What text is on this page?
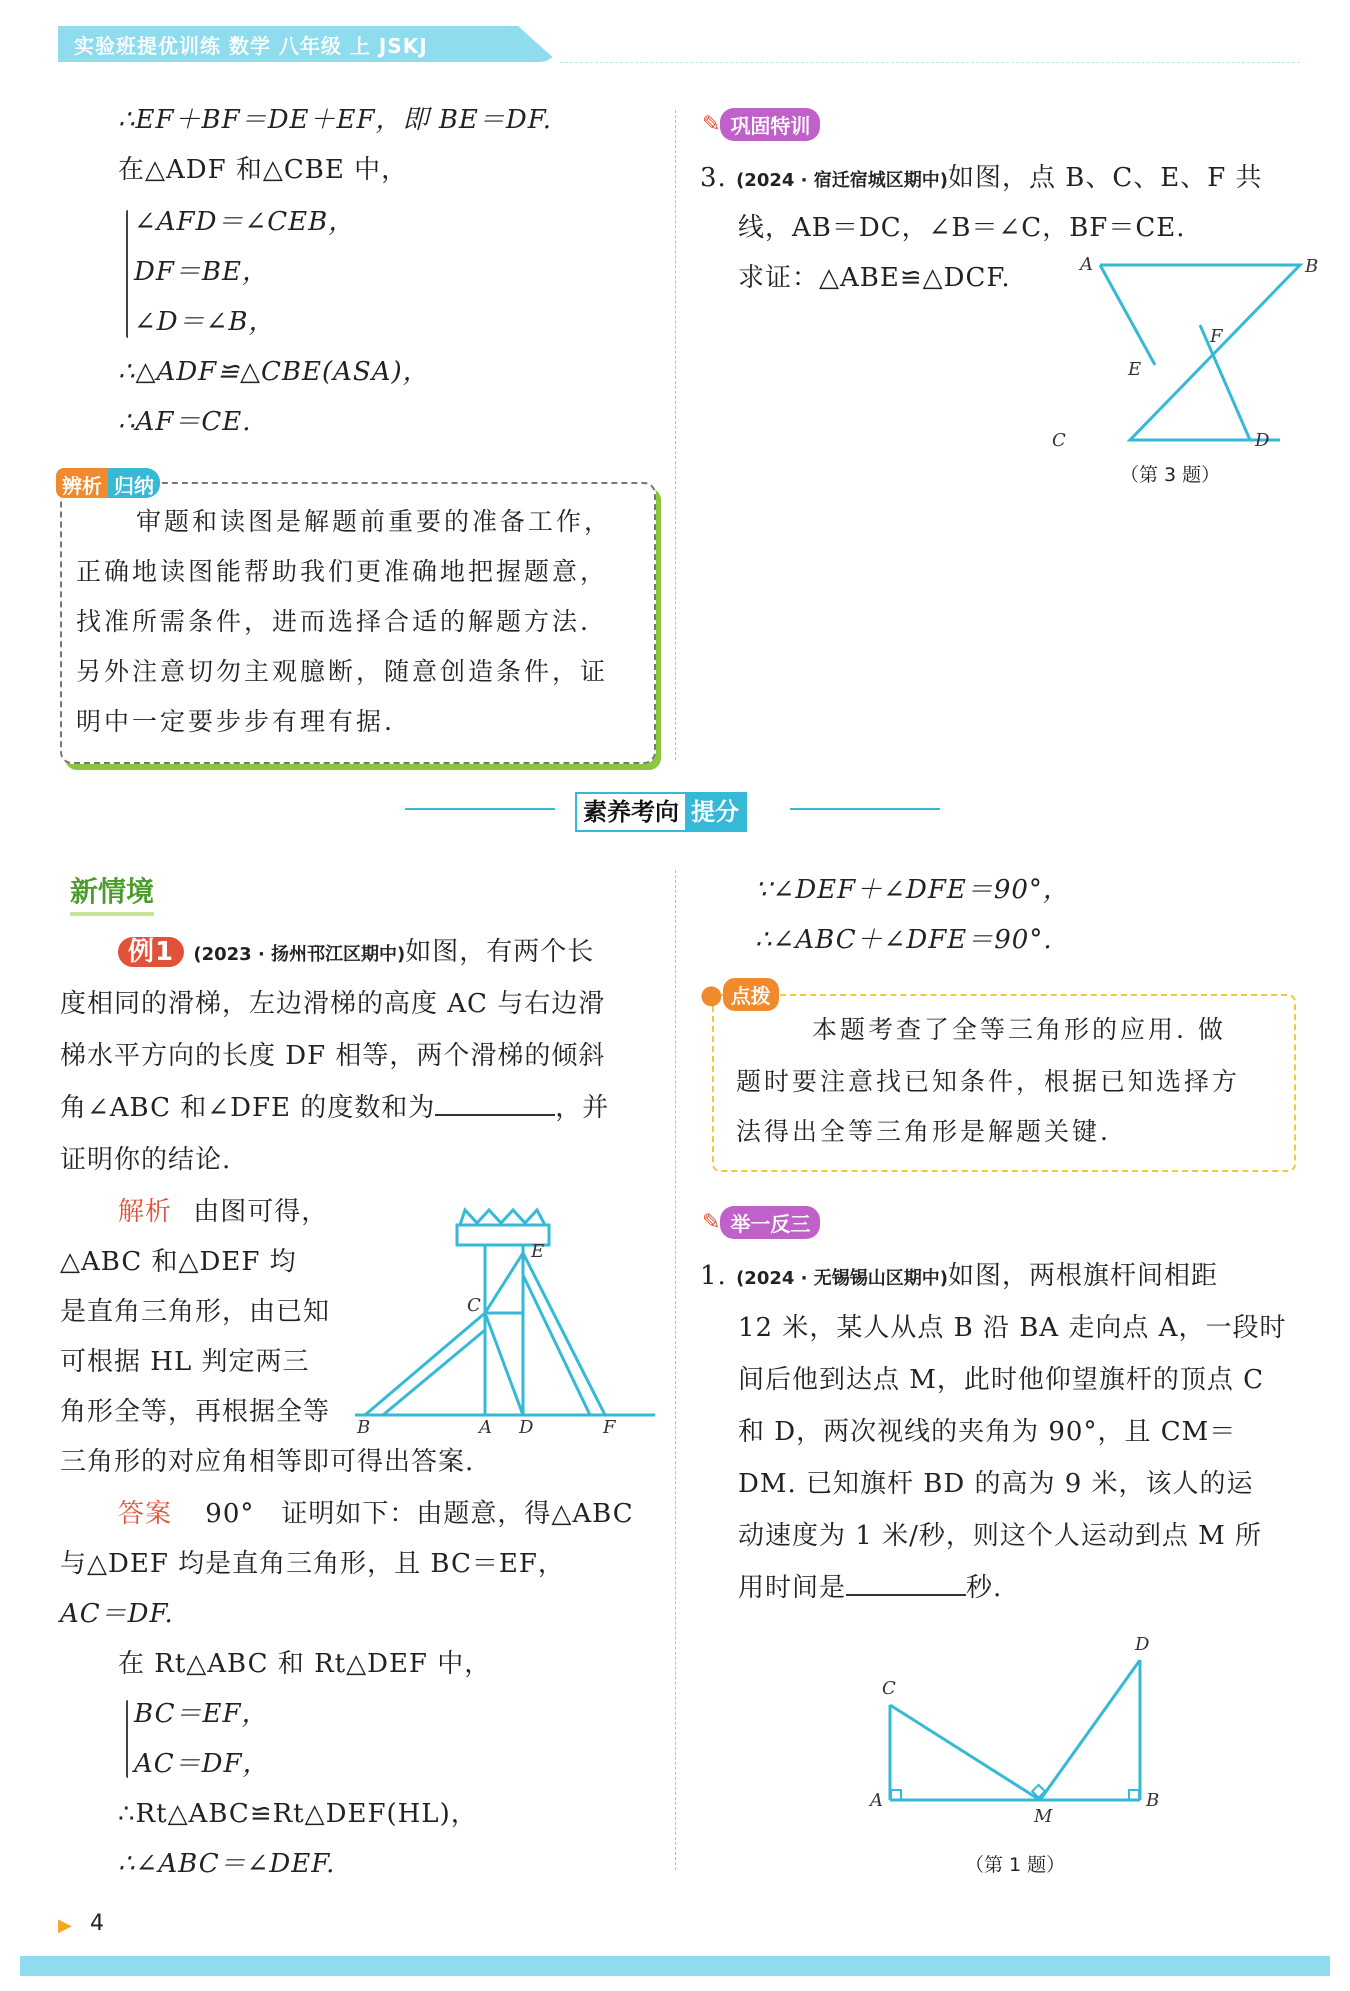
实验班提优训练 数学 八年级 上 JSKJ
∴EF＋BF＝DE＋EF，即 BE＝DF.
在△ADF 和△CBE 中，
∠AFD＝∠CEB，
DF＝BE，
∠D＝∠B，
∴△ADF≌△CBE(ASA)，
∴AF＝CE.
辨析 归纳
审题和读图是解题前重要的准备工作，
正确地读图能帮助我们更准确地把握题意，
找准所需条件，进而选择合适的解题方法.
另外注意切勿主观臆断，随意创造条件，证
明中一定要步步有理有据.
✎ 巩固特训
3. (2024 · 宿迁宿城区期中)如图，点 B、C、E、F 共
线，AB＝DC，∠B＝∠C，BF＝CE.
求证：△ABE≌△DCF.	A	B
F
E
C	D
（第 3 题）
素养考向 提分
新情境
例1 (2023 · 扬州邗江区期中)如图，有两个长
度相同的滑梯，左边滑梯的高度 AC 与右边滑
梯水平方向的长度 DF 相等，两个滑梯的倾斜
角∠ABC 和∠DFE 的度数和为	，并
证明你的结论.
解析 由图可得，
△ABC 和△DEF 均
是直角三角形，由已知
可根据 HL 判定两三
角形全等，再根据全等
三角形的对应角相等即可得出答案.
E
C
B	A D	F
答案 90°　证明如下：由题意，得△ABC
与△DEF 均是直角三角形，且 BC＝EF，
AC＝DF.
在 Rt△ABC 和 Rt△DEF 中，
BC＝EF，
AC＝DF，
∴Rt△ABC≌Rt△DEF(HL)，
∴∠ABC＝∠DEF.
∵∠DEF＋∠DFE＝90°，
∴∠ABC＋∠DFE＝90°.
● 点拨
本题考查了全等三角形的应用. 做
题时要注意找已知条件，根据已知选择方
法得出全等三角形是解题关键.
✎ 举一反三
1. (2024 · 无锡锡山区期中)如图，两根旗杆间相距
12 米，某人从点 B 沿 BA 走向点 A，一段时
间后他到达点 M，此时他仰望旗杆的顶点 C
和 D，两次视线的夹角为 90°，且 CM＝
DM. 已知旗杆 BD 的高为 9 米，该人的运
动速度为 1 米/秒，则这个人运动到点 M 所
用时间是	秒.
D
C
A
M
B
（第 1 题）
▶ 4
